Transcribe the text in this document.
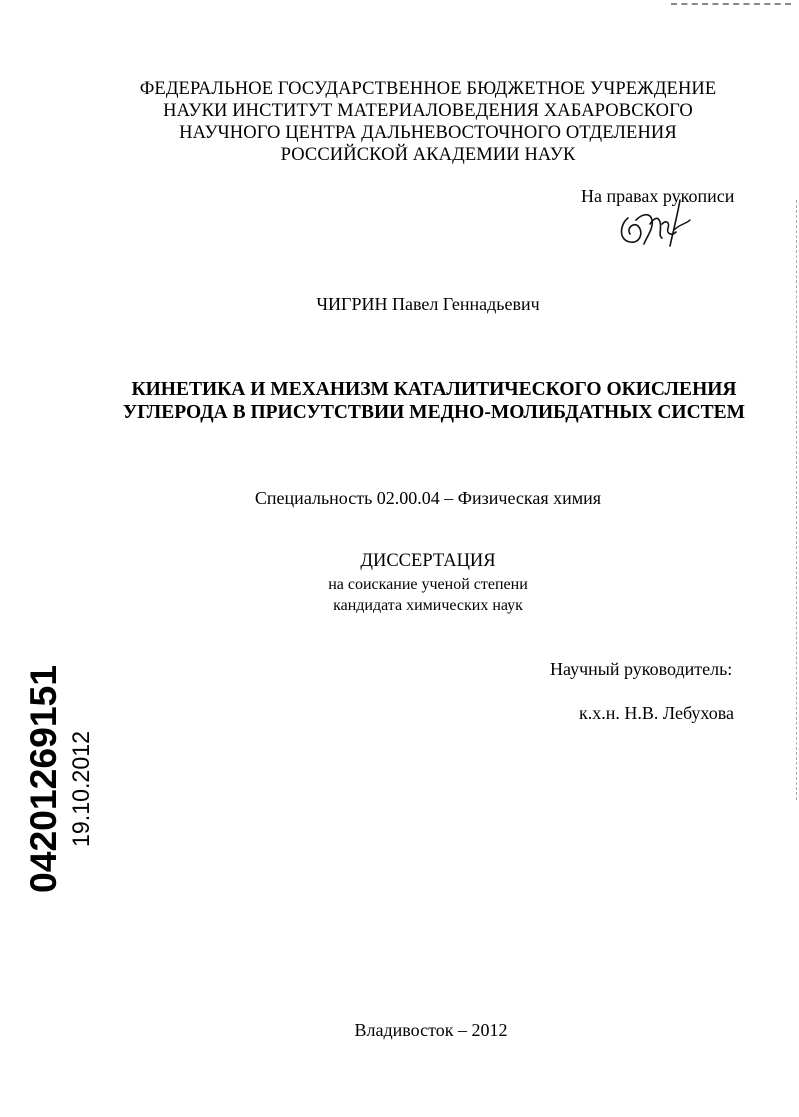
ФЕДЕРАЛЬНОЕ ГОСУДАРСТВЕННОЕ БЮДЖЕТНОЕ УЧРЕЖДЕНИЕ
НАУКИ ИНСТИТУТ МАТЕРИАЛОВЕДЕНИЯ ХАБАРОВСКОГО
НАУЧНОГО ЦЕНТРА ДАЛЬНЕВОСТОЧНОГО ОТДЕЛЕНИЯ
РОССИЙСКОЙ АКАДЕМИИ НАУК
На правах рукописи
ЧИГРИН Павел Геннадьевич
КИНЕТИКА И МЕХАНИЗМ КАТАЛИТИЧЕСКОГО ОКИСЛЕНИЯ
УГЛЕРОДА В ПРИСУТСТВИИ МЕДНО-МОЛИБДАТНЫХ СИСТЕМ
Специальность 02.00.04 – Физическая химия
ДИССЕРТАЦИЯ
на соискание ученой степени
кандидата химических наук
Научный руководитель:
к.х.н. Н.В. Лебухова
04201269151 19.10.2012
Владивосток – 2012
